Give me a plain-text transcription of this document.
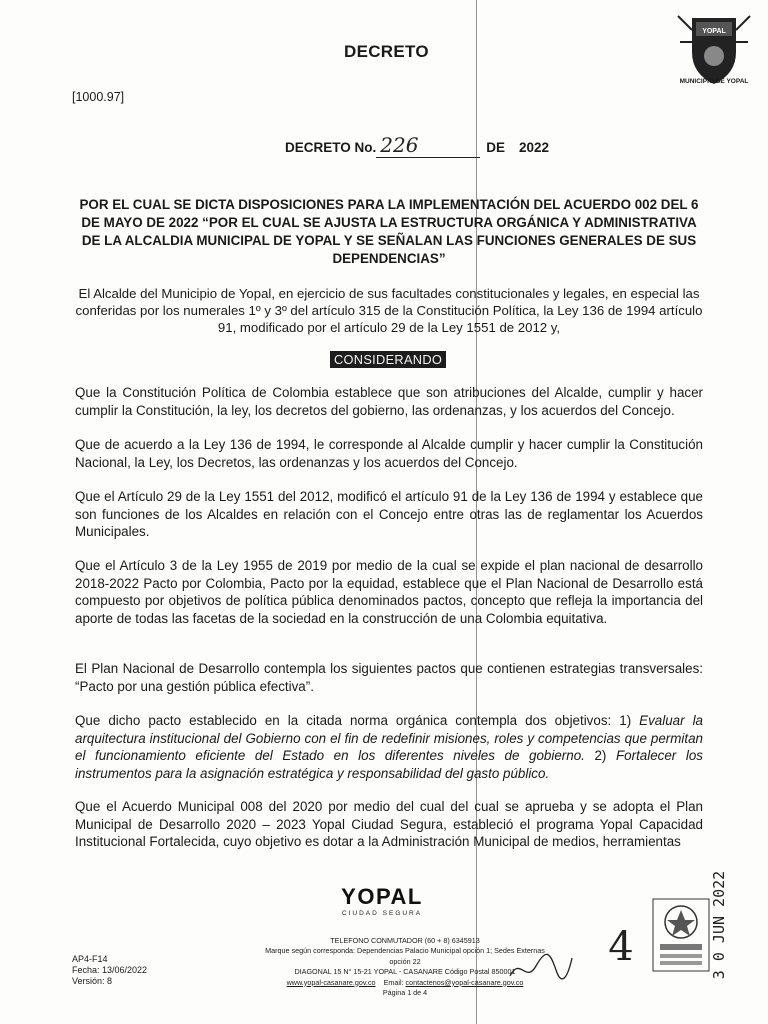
DECRETO
[1000.97]
YOPAL
MUNICIPIO DE YOPAL
DECRETO No. 226	DE 2022
POR EL CUAL SE DICTA DISPOSICIONES PARA LA IMPLEMENTACIÓN DEL ACUERDO 002 DEL 6 DE MAYO DE 2022 “POR EL CUAL SE AJUSTA LA ESTRUCTURA ORGÁNICA Y ADMINISTRATIVA DE LA ALCALDIA MUNICIPAL DE YOPAL Y SE SEÑALAN LAS FUNCIONES GENERALES DE SUS DEPENDENCIAS”
El Alcalde del Municipio de Yopal, en ejercicio de sus facultades constitucionales y legales, en especial las conferidas por los numerales 1º y 3º del artículo 315 de la Constitución Política, la Ley 136 de 1994 artículo 91, modificado por el artículo 29 de la Ley 1551 de 2012 y,
CONSIDERANDO
Que la Constitución Política de Colombia establece que son atribuciones del Alcalde, cumplir y hacer cumplir la Constitución, la ley, los decretos del gobierno, las ordenanzas, y los acuerdos del Concejo.
Que de acuerdo a la Ley 136 de 1994, le corresponde al Alcalde cumplir y hacer cumplir la Constitución Nacional, la Ley, los Decretos, las ordenanzas y los acuerdos del Concejo.
Que el Artículo 29 de la Ley 1551 del 2012, modificó el artículo 91 de la Ley 136 de 1994 y establece que son funciones de los Alcaldes en relación con el Concejo entre otras las de reglamentar los Acuerdos Municipales.
Que el Artículo 3 de la Ley 1955 de 2019 por medio de la cual se expide el plan nacional de desarrollo 2018-2022 Pacto por Colombia, Pacto por la equidad, establece que el Plan Nacional de Desarrollo está compuesto por objetivos de política pública denominados pactos, concepto que refleja la importancia del aporte de todas las facetas de la sociedad en la construcción de una Colombia equitativa.
El Plan Nacional de Desarrollo contempla los siguientes pactos que contienen estrategias transversales: “Pacto por una gestión pública efectiva”.
Que dicho pacto establecido en la citada norma orgánica contempla dos objetivos: 1) Evaluar la arquitectura institucional del Gobierno con el fin de redefinir misiones, roles y competencias que permitan el funcionamiento eficiente del Estado en los diferentes niveles de gobierno. 2) Fortalecer los instrumentos para la asignación estratégica y responsabilidad del gasto público.
Que el Acuerdo Municipal 008 del 2020 por medio del cual del cual se aprueba y se adopta el Plan Municipal de Desarrollo 2020 – 2023 Yopal Ciudad Segura, estableció el programa Yopal Capacidad Institucional Fortalecida, cuyo objetivo es dotar a la Administración Municipal de medios, herramientas
YOPAL
CIUDAD SEGURA
TELEFONO CONMUTADOR (60 + 8) 6345913
Marque según corresponda: Dependencias Palacio Municipal opción 1; Sedes Externas opción 22
DIAGONAL 15 N° 15-21 YOPAL - CASANARE Código Postal 850001
www.yopal-casanare.gov.co Email: contactenos@yopal-casanare.gov.co
Página 1 de 4
AP4-F14
Fecha: 13/06/2022
Versión: 8
4	3 0 JUN 2022
